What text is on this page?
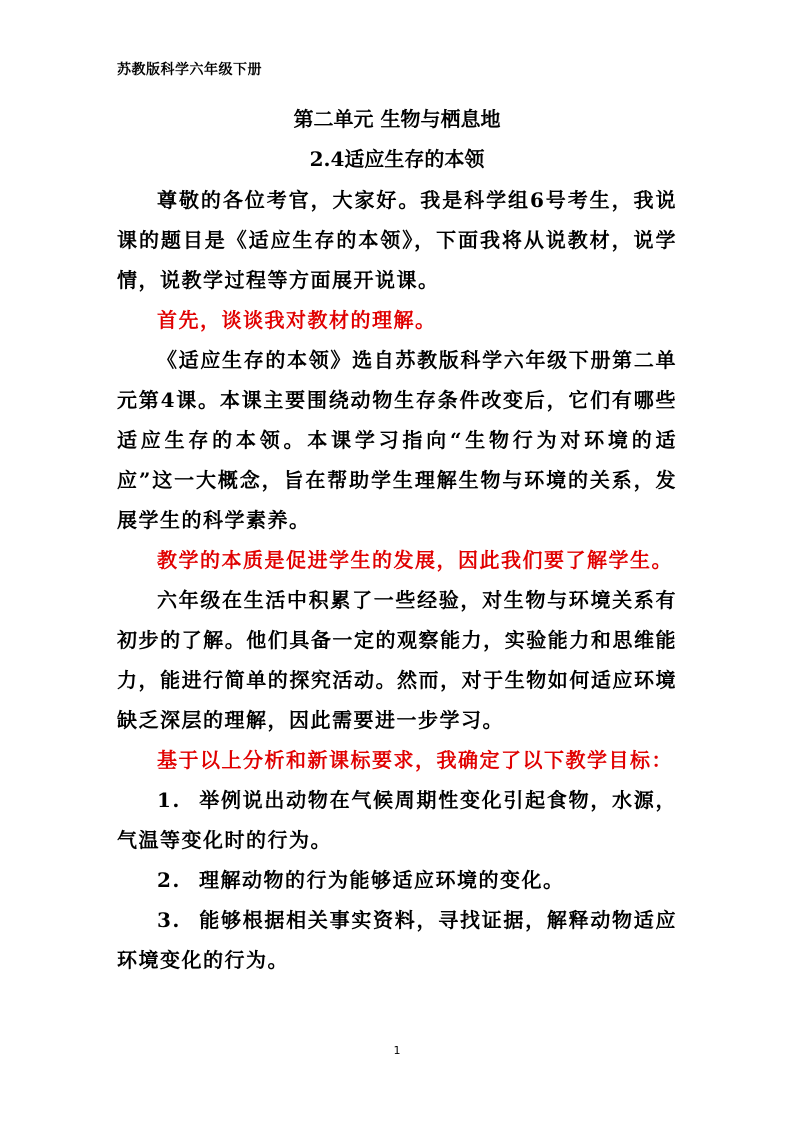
苏教版科学六年级下册
第二单元 生物与栖息地
2.4适应生存的本领

尊敬的各位考官，大家好。我是科学组6号考生，我说课的题目是《适应生存的本领》，下面我将从说教材，说学情，说教学过程等方面展开说课。

首先，谈谈我对教材的理解。

《适应生存的本领》选自苏教版科学六年级下册第二单元第4课。本课主要围绕动物生存条件改变后，它们有哪些适应生存的本领。本课学习指向“生物行为对环境的适应”这一大概念，旨在帮助学生理解生物与环境的关系，发展学生的科学素养。

教学的本质是促进学生的发展，因此我们要了解学生。

六年级在生活中积累了一些经验，对生物与环境关系有初步的了解。他们具备一定的观察能力，实验能力和思维能力，能进行简单的探究活动。然而，对于生物如何适应环境缺乏深层的理解，因此需要进一步学习。

基于以上分析和新课标要求，我确定了以下教学目标：

1. 举例说出动物在气候周期性变化引起食物，水源，气温等变化时的行为。

2. 理解动物的行为能够适应环境的变化。

3. 能够根据相关事实资料，寻找证据，解释动物适应环境变化的行为。

1
